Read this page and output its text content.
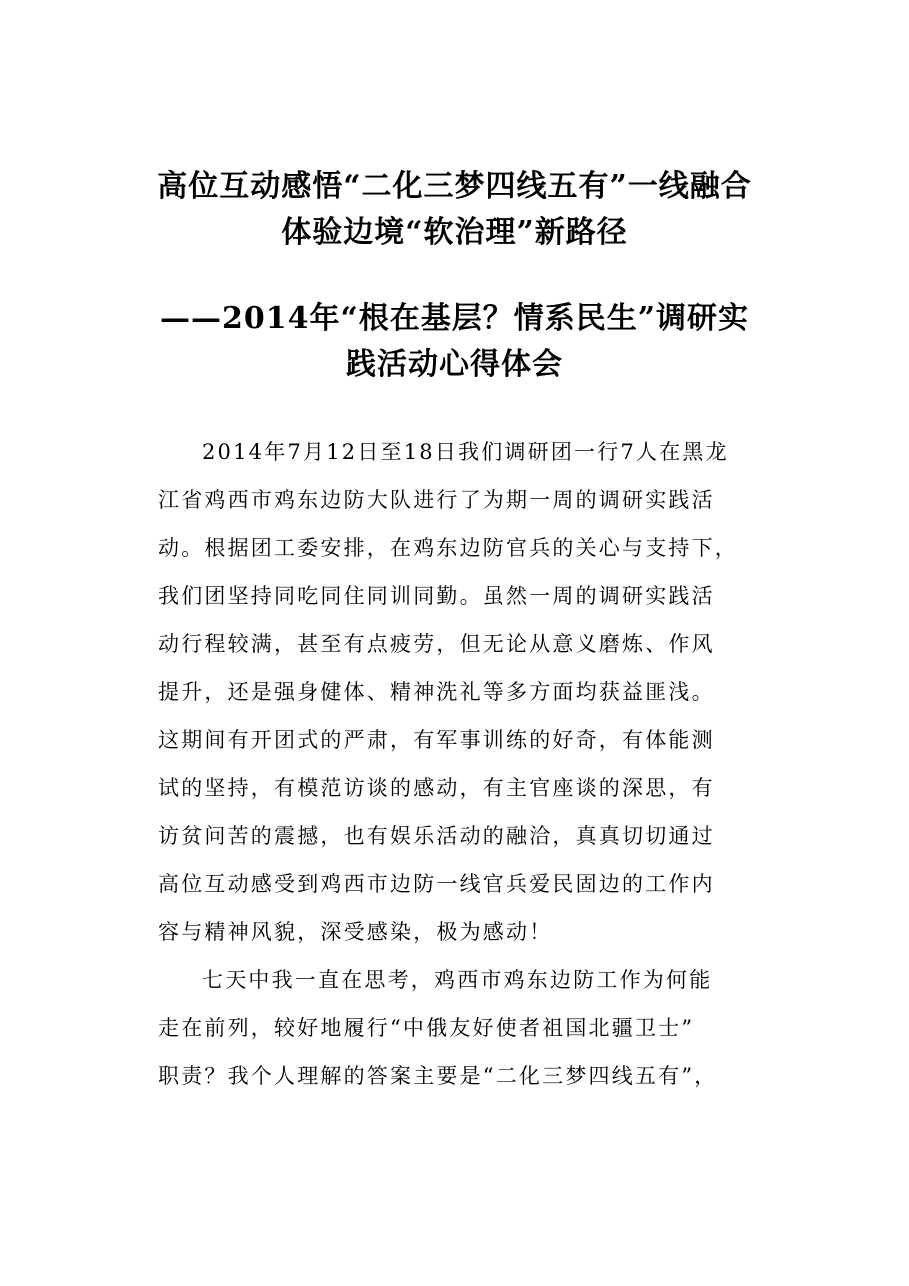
高位互动感悟“二化三梦四线五有”一线融合
体验边境“软治理”新路径
——2014年“根在基层？情系民生”调研实
践活动心得体会
2014年7月12日至18日我们调研团一行7人在黑龙
江省鸡西市鸡东边防大队进行了为期一周的调研实践活
动。根据团工委安排，在鸡东边防官兵的关心与支持下，
我们团坚持同吃同住同训同勤。虽然一周的调研实践活
动行程较满，甚至有点疲劳，但无论从意义磨炼、作风
提升，还是强身健体、精神洗礼等多方面均获益匪浅。
这期间有开团式的严肃，有军事训练的好奇，有体能测
试的坚持，有模范访谈的感动，有主官座谈的深思，有
访贫问苦的震撼，也有娱乐活动的融洽，真真切切通过
高位互动感受到鸡西市边防一线官兵爱民固边的工作内
容与精神风貌，深受感染，极为感动！
七天中我一直在思考，鸡西市鸡东边防工作为何能
走在前列，较好地履行“中俄友好使者祖国北疆卫士”
职责？我个人理解的答案主要是“二化三梦四线五有”，
